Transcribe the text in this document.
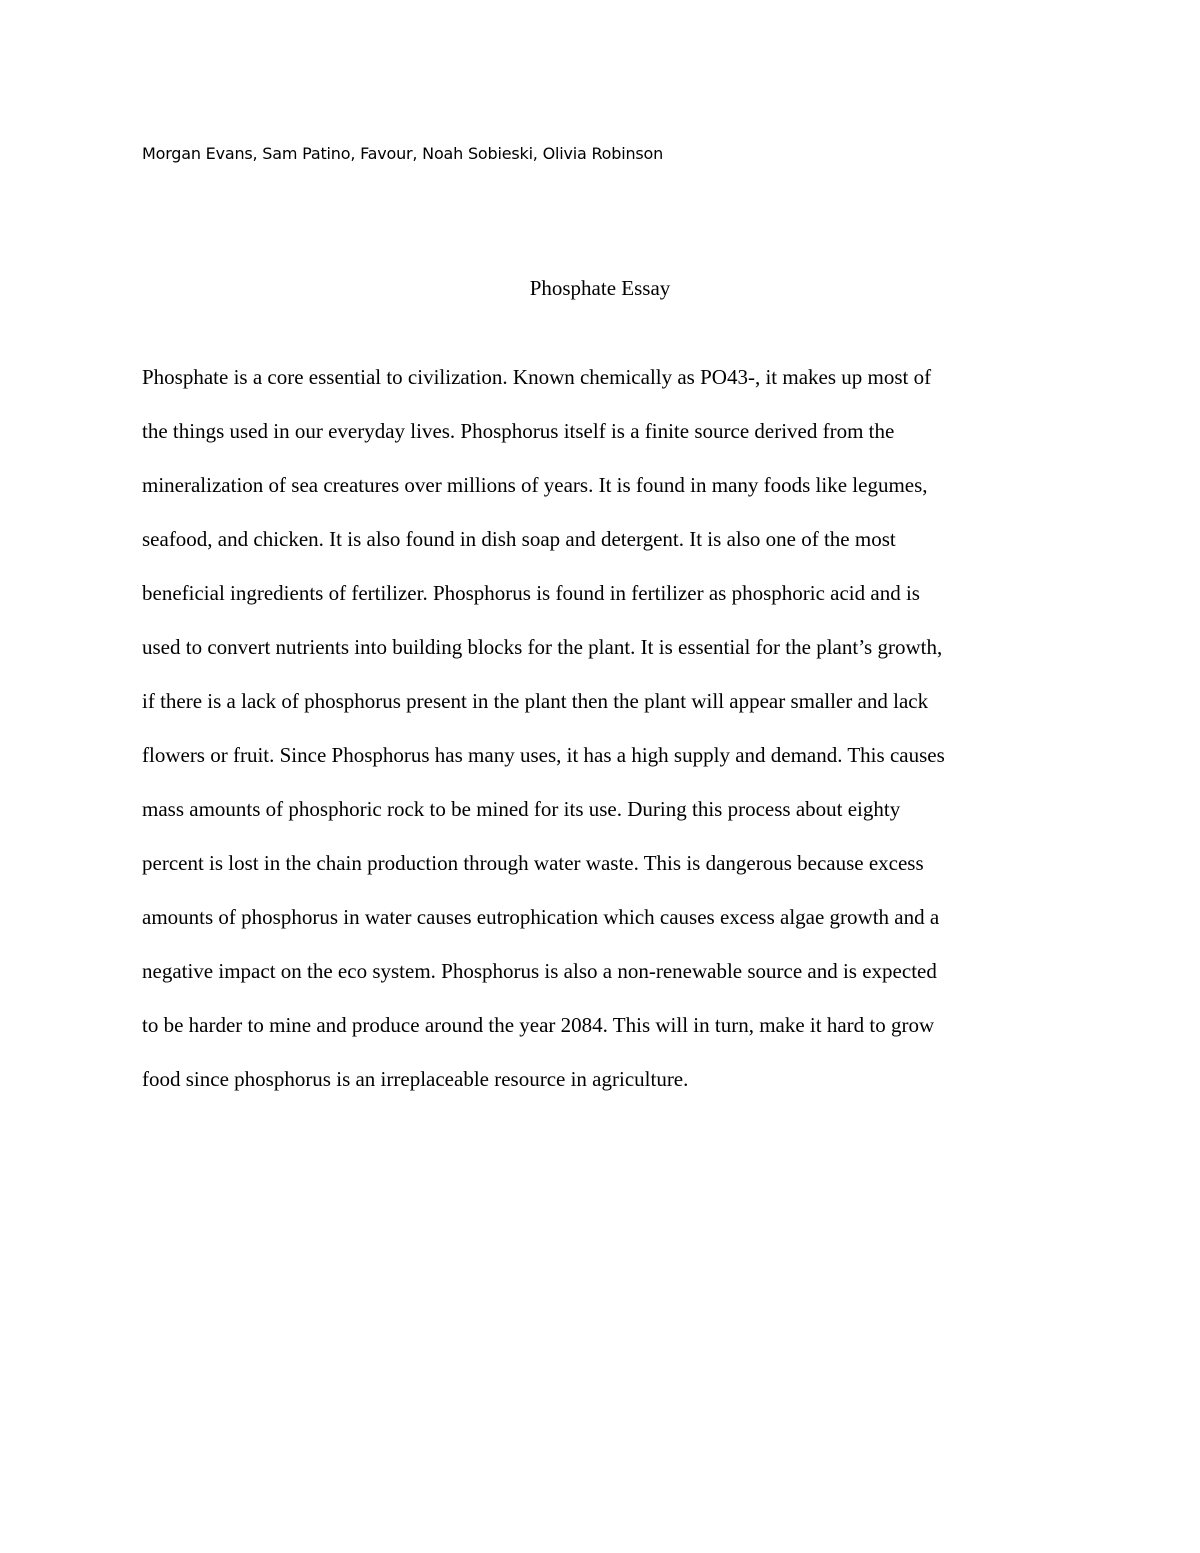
Morgan Evans, Sam Patino, Favour, Noah Sobieski, Olivia Robinson
Phosphate Essay
Phosphate is a core essential to civilization. Known chemically as PO43-, it makes up most of
the things used in our everyday lives. Phosphorus itself is a finite source derived from the
mineralization of sea creatures over millions of years. It is found in many foods like legumes,
seafood, and chicken. It is also found in dish soap and detergent. It is also one of the most
beneficial ingredients of fertilizer. Phosphorus is found in fertilizer as phosphoric acid and is
used to convert nutrients into building blocks for the plant. It is essential for the plant’s growth,
if there is a lack of phosphorus present in the plant then the plant will appear smaller and lack
flowers or fruit. Since Phosphorus has many uses, it has a high supply and demand. This causes
mass amounts of phosphoric rock to be mined for its use. During this process about eighty
percent is lost in the chain production through water waste. This is dangerous because excess
amounts of phosphorus in water causes eutrophication which causes excess algae growth and a
negative impact on the eco system. Phosphorus is also a non-renewable source and is expected
to be harder to mine and produce around the year 2084. This will in turn, make it hard to grow
food since phosphorus is an irreplaceable resource in agriculture.
